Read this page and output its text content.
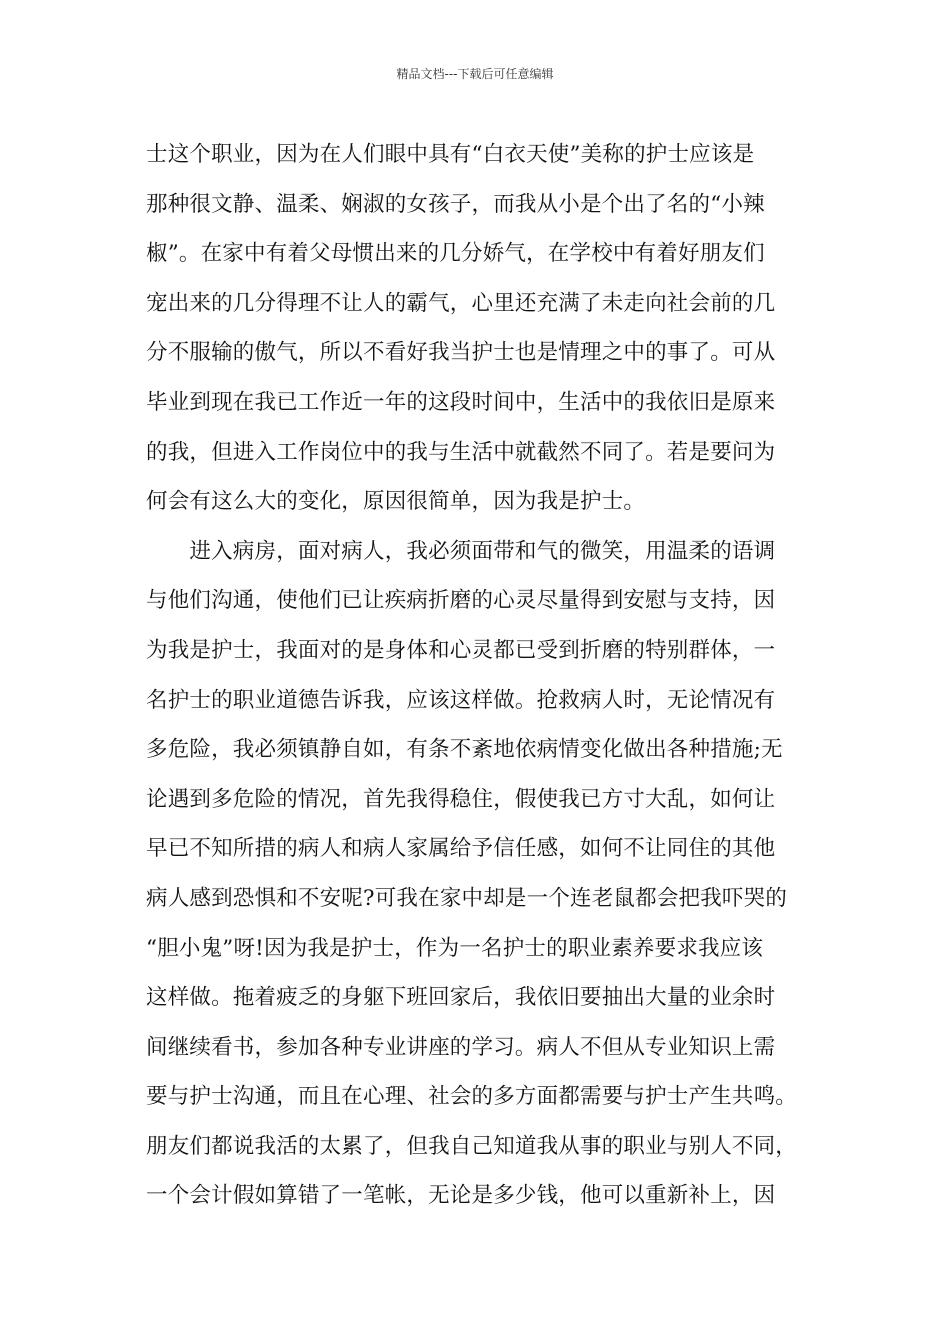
精品文档---下载后可任意编辑
士这个职业，因为在人们眼中具有“白衣天使”美称的护士应该是
那种很文静、温柔、娴淑的女孩子，而我从小是个出了名的“小辣
椒”。在家中有着父母惯出来的几分娇气，在学校中有着好朋友们
宠出来的几分得理不让人的霸气，心里还充满了未走向社会前的几
分不服输的傲气，所以不看好我当护士也是情理之中的事了。可从
毕业到现在我已工作近一年的这段时间中，生活中的我依旧是原来
的我，但进入工作岗位中的我与生活中就截然不同了。若是要问为
何会有这么大的变化，原因很简单，因为我是护士。
　　进入病房，面对病人，我必须面带和气的微笑，用温柔的语调
与他们沟通，使他们已让疾病折磨的心灵尽量得到安慰与支持，因
为我是护士，我面对的是身体和心灵都已受到折磨的特别群体，一
名护士的职业道德告诉我，应该这样做。抢救病人时，无论情况有
多危险，我必须镇静自如，有条不紊地依病情变化做出各种措施;无
论遇到多危险的情况，首先我得稳住，假使我已方寸大乱，如何让
早已不知所措的病人和病人家属给予信任感，如何不让同住的其他
病人感到恐惧和不安呢?可我在家中却是一个连老鼠都会把我吓哭的
“胆小鬼”呀!因为我是护士，作为一名护士的职业素养要求我应该
这样做。拖着疲乏的身躯下班回家后，我依旧要抽出大量的业余时
间继续看书，参加各种专业讲座的学习。病人不但从专业知识上需
要与护士沟通，而且在心理、社会的多方面都需要与护士产生共鸣。
朋友们都说我活的太累了，但我自己知道我从事的职业与别人不同，
一个会计假如算错了一笔帐，无论是多少钱，他可以重新补上，因
